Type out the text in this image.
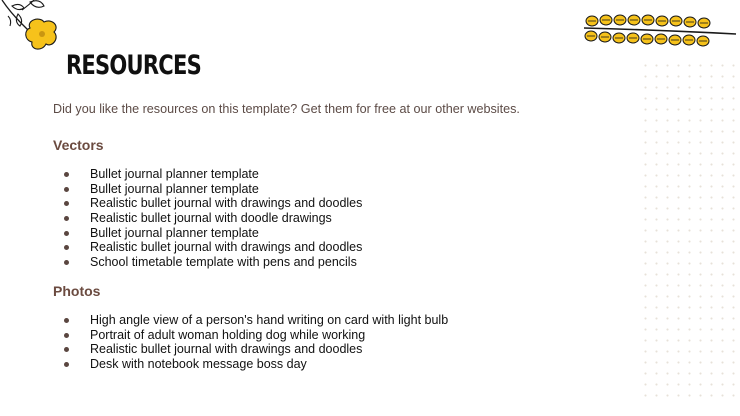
RESOURCES

Did you like the resources on this template? Get them for free at our other websites.

Vectors
Bullet journal planner template
Bullet journal planner template
Realistic bullet journal with drawings and doodles
Realistic bullet journal with doodle drawings
Bullet journal planner template
Realistic bullet journal with drawings and doodles
School timetable template with pens and pencils
Photos
High angle view of a person's hand writing on card with light bulb
Portrait of adult woman holding dog while working
Realistic bullet journal with drawings and doodles
Desk with notebook message boss day
